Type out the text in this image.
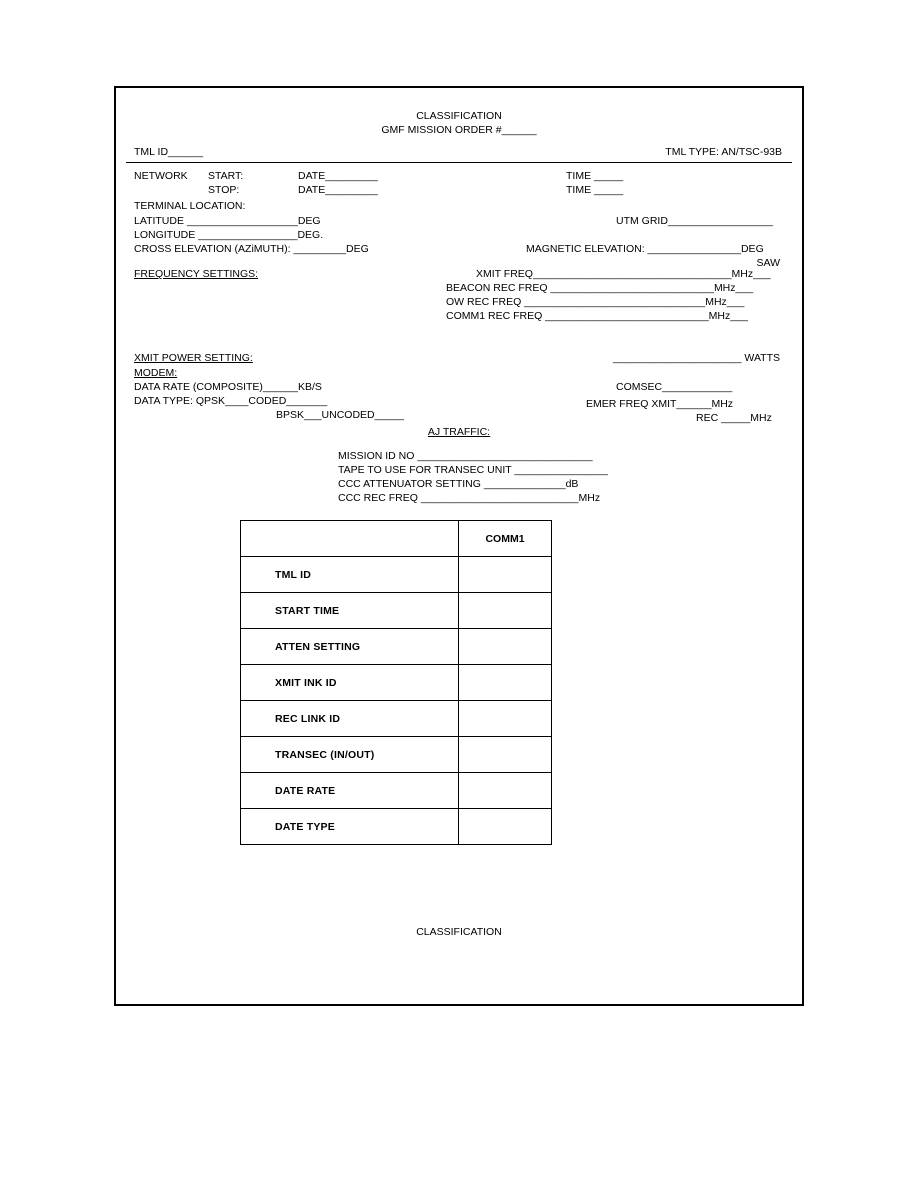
CLASSIFICATION
GMF MISSION ORDER #______
TML ID______	TML TYPE: AN/TSC-93B
NETWORK START:	DATE_________	TIME _____
STOP:	DATE_________	TIME _____
TERMINAL LOCATION:
LATITUDE ___________________DEG	UTM GRID__________________
LONGITUDE _________________DEG.
CROSS ELEVATION (AZiMUTH): _________DEG	MAGNETIC ELEVATION: ________________DEG
SAW
FREQUENCY SETTINGS:	XMIT FREQ__________________________________MHz___
BEACON REC FREQ ____________________________MHz___
OW REC FREQ _______________________________MHz___
COMM1 REC FREQ ____________________________MHz___
XMIT POWER SETTING:	______________________ WATTS
MODEM:
DATA RATE (COMPOSITE)______KB/S	COMSEC____________
DATA TYPE: QPSK____CODED_______
BPSK___UNCODED_____
EMER FREQ XMIT______MHz
REC _____MHz
AJ TRAFFIC:
MISSION ID NO ______________________________
TAPE TO USE FOR TRANSEC UNIT ________________
CCC ATTENUATOR SETTING ______________dB
CCC REC FREQ ___________________________MHz
	COMM1
TML ID	
START TIME	
ATTEN SETTING	
XMIT INK ID	
REC LINK ID	
TRANSEC (IN/OUT)	
DATE RATE	
DATE TYPE	
CLASSIFICATION
